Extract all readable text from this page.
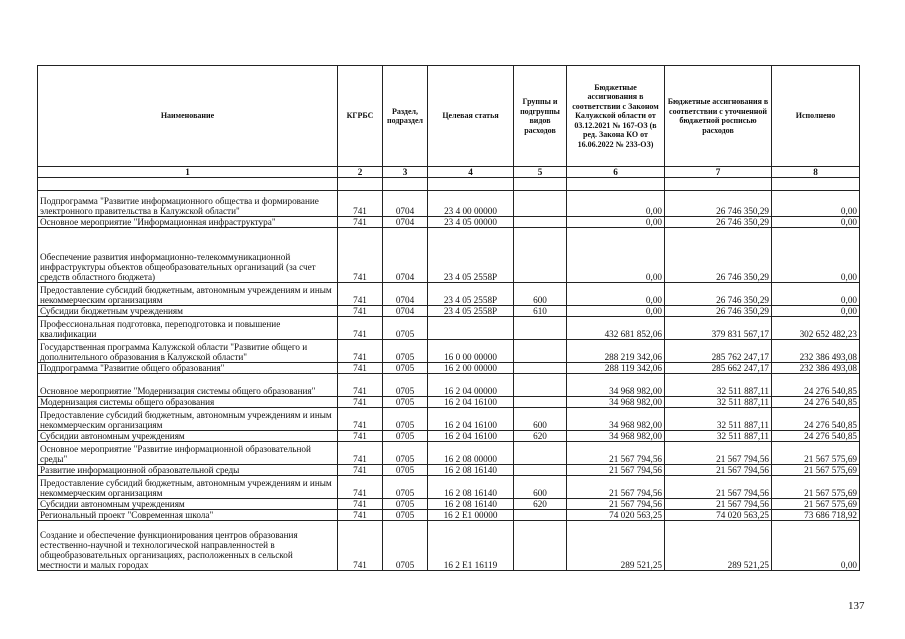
Наименование	КГРБС	Раздел, подраздел	Целевая статья	Группы и подгруппы видов расходов	Бюджетные ассигнования в соответствии с Законом Калужской области от 03.12.2021 № 167-ОЗ (в ред. Закона КО от 16.06.2022 № 233-ОЗ)	Бюджетные ассигнования в соответствии с уточненной бюджетной росписью расходов	Исполнено
1	2	3	4	5	6	7	8

Подпрограмма "Развитие информационного общества и формирование электронного правительства в Калужской области"	741	0704	23 4 00 00000		0,00	26 746 350,29	0,00
Основное мероприятие "Информационная инфраструктура"	741	0704	23 4 05 00000		0,00	26 746 350,29	0,00
Обеспечение развития информационно-телекоммуникационной инфраструктуры объектов общеобразовательных организаций (за счет средств областного бюджета)	741	0704	23 4 05 2558Р		0,00	26 746 350,29	0,00
Предоставление субсидий бюджетным, автономным учреждениям и иным некоммерческим организациям	741	0704	23 4 05 2558Р	600	0,00	26 746 350,29	0,00
Субсидии бюджетным учреждениям	741	0704	23 4 05 2558Р	610	0,00	26 746 350,29	0,00
Профессиональная подготовка, переподготовка и повышение квалификации	741	0705			432 681 852,06	379 831 567,17	302 652 482,23
Государственная программа Калужской области "Развитие общего и дополнительного образования в Калужской области"	741	0705	16 0 00 00000		288 219 342,06	285 762 247,17	232 386 493,08
Подпрограмма "Развитие общего образования"	741	0705	16 2 00 00000		288 119 342,06	285 662 247,17	232 386 493,08
Основное мероприятие "Модернизация системы общего образования"	741	0705	16 2 04 00000		34 968 982,00	32 511 887,11	24 276 540,85
Модернизация системы общего образования	741	0705	16 2 04 16100		34 968 982,00	32 511 887,11	24 276 540,85
Предоставление субсидий бюджетным, автономным учреждениям и иным некоммерческим организациям	741	0705	16 2 04 16100	600	34 968 982,00	32 511 887,11	24 276 540,85
Субсидии автономным учреждениям	741	0705	16 2 04 16100	620	34 968 982,00	32 511 887,11	24 276 540,85
Основное мероприятие "Развитие информационной образовательной среды"	741	0705	16 2 08 00000		21 567 794,56	21 567 794,56	21 567 575,69
Развитие информационной образовательной среды	741	0705	16 2 08 16140		21 567 794,56	21 567 794,56	21 567 575,69
Предоставление субсидий бюджетным, автономным учреждениям и иным некоммерческим организациям	741	0705	16 2 08 16140	600	21 567 794,56	21 567 794,56	21 567 575,69
Субсидии автономным учреждениям	741	0705	16 2 08 16140	620	21 567 794,56	21 567 794,56	21 567 575,69
Региональный проект "Современная школа"	741	0705	16 2 Е1 00000		74 020 563,25	74 020 563,25	73 686 718,92
Создание и обеспечение функционирования центров образования естественно-научной и технологической направленностей в общеобразовательных организациях, расположенных в сельской местности и малых городах	741	0705	16 2 Е1 16119		289 521,25	289 521,25	0,00
137
